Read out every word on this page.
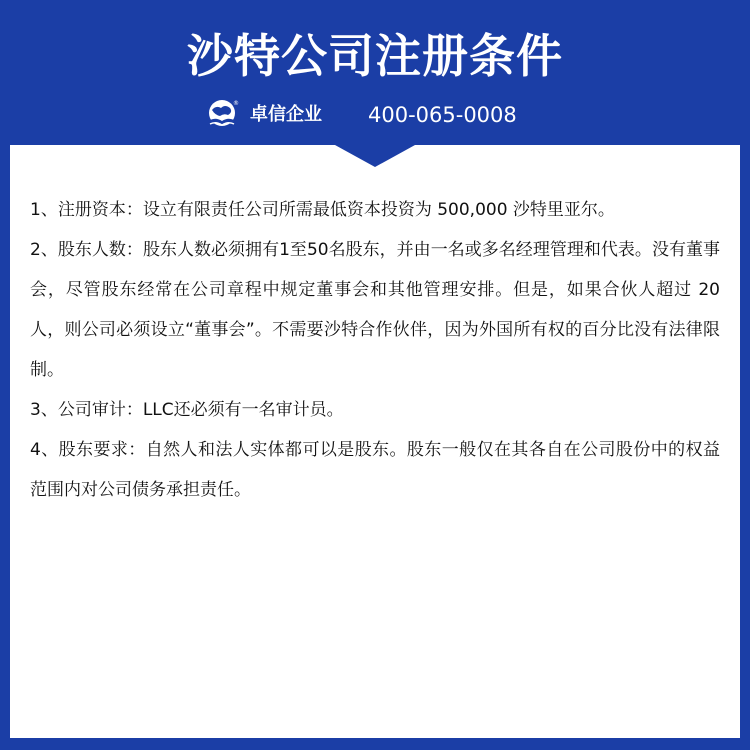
沙特公司注册条件
®
卓信企业 400-065-0008

1、注册资本：设立有限责任公司所需最低资本投资为 500,000 沙特里亚尔。

2、股东人数：股东人数必须拥有1至50名股东，并由一名或多名经理管理和代表。没有董事会，尽管股东经常在公司章程中规定董事会和其他管理安排。但是，如果合伙人超过 20 人，则公司必须设立“董事会”。不需要沙特合作伙伴，因为外国所有权的百分比没有法律限制。

3、公司审计：LLC还必须有一名审计员。

4、股东要求：自然人和法人实体都可以是股东。股东一般仅在其各自在公司股份中的权益范围内对公司债务承担责任。
